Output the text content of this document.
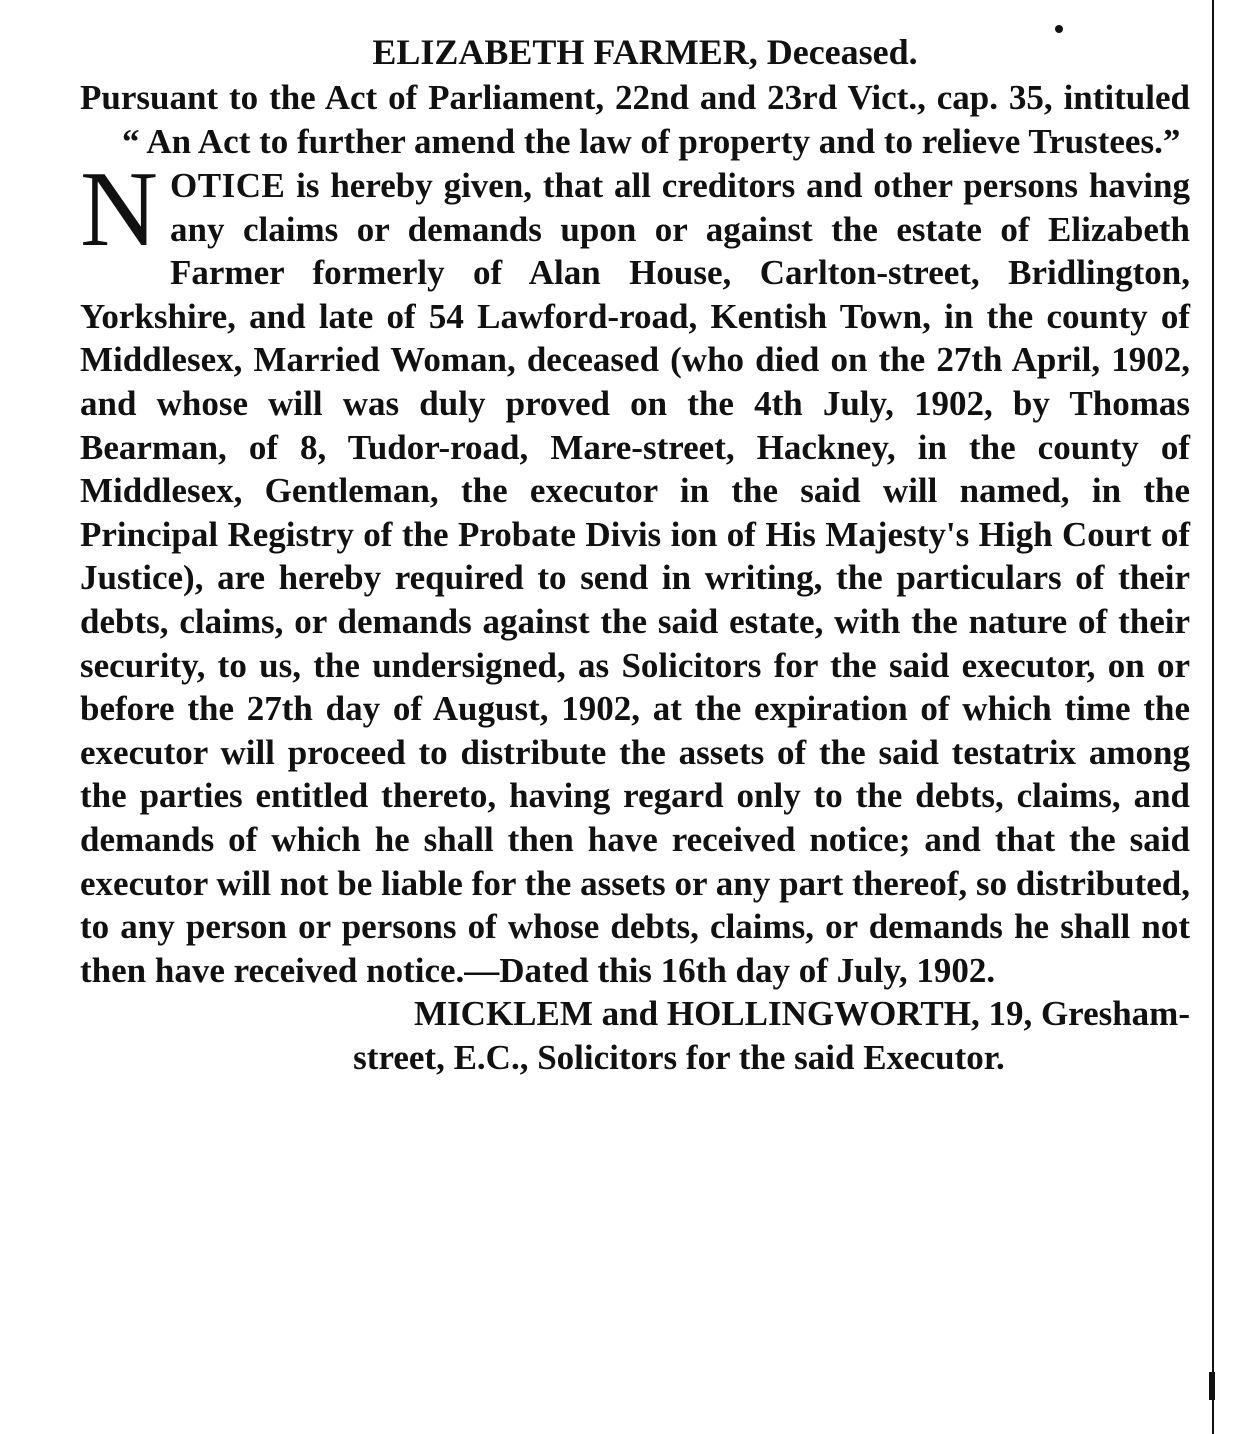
ELIZABETH FARMER, Deceased.
Pursuant to the Act of Parliament, 22nd and 23rd Vict., cap. 35, intituled “ An Act to further amend the law of property and to relieve Trustees.”
NOTICE is hereby given, that all creditors and other persons having any claims or demands upon or against the estate of Elizabeth Farmer formerly of Alan House, Carlton-street, Bridlington, Yorkshire, and late of 54 Lawford-road, Kentish Town, in the county of Middlesex, Married Woman, deceased (who died on the 27th April, 1902, and whose will was duly proved on the 4th July, 1902, by Thomas Bearman, of 8, Tudor-road, Mare-street, Hackney, in the county of Middlesex, Gentleman, the executor in the said will named, in the Principal Registry of the Probate Divis ion of His Majesty's High Court of Justice), are hereby required to send in writing, the particulars of their debts, claims, or demands against the said estate, with the nature of their security, to us, the undersigned, as Solicitors for the said executor, on or before the 27th day of August, 1902, at the expiration of which time the executor will proceed to distribute the assets of the said testatrix among the parties entitled thereto, having regard only to the debts, claims, and demands of which he shall then have received notice; and that the said executor will not be liable for the assets or any part thereof, so distributed, to any person or persons of whose debts, claims, or demands he shall not then have received notice.—Dated this 16th day of July, 1902.
MICKLEM and HOLLINGWORTH, 19, Gresham-
street, E.C., Solicitors for the said Executor.
